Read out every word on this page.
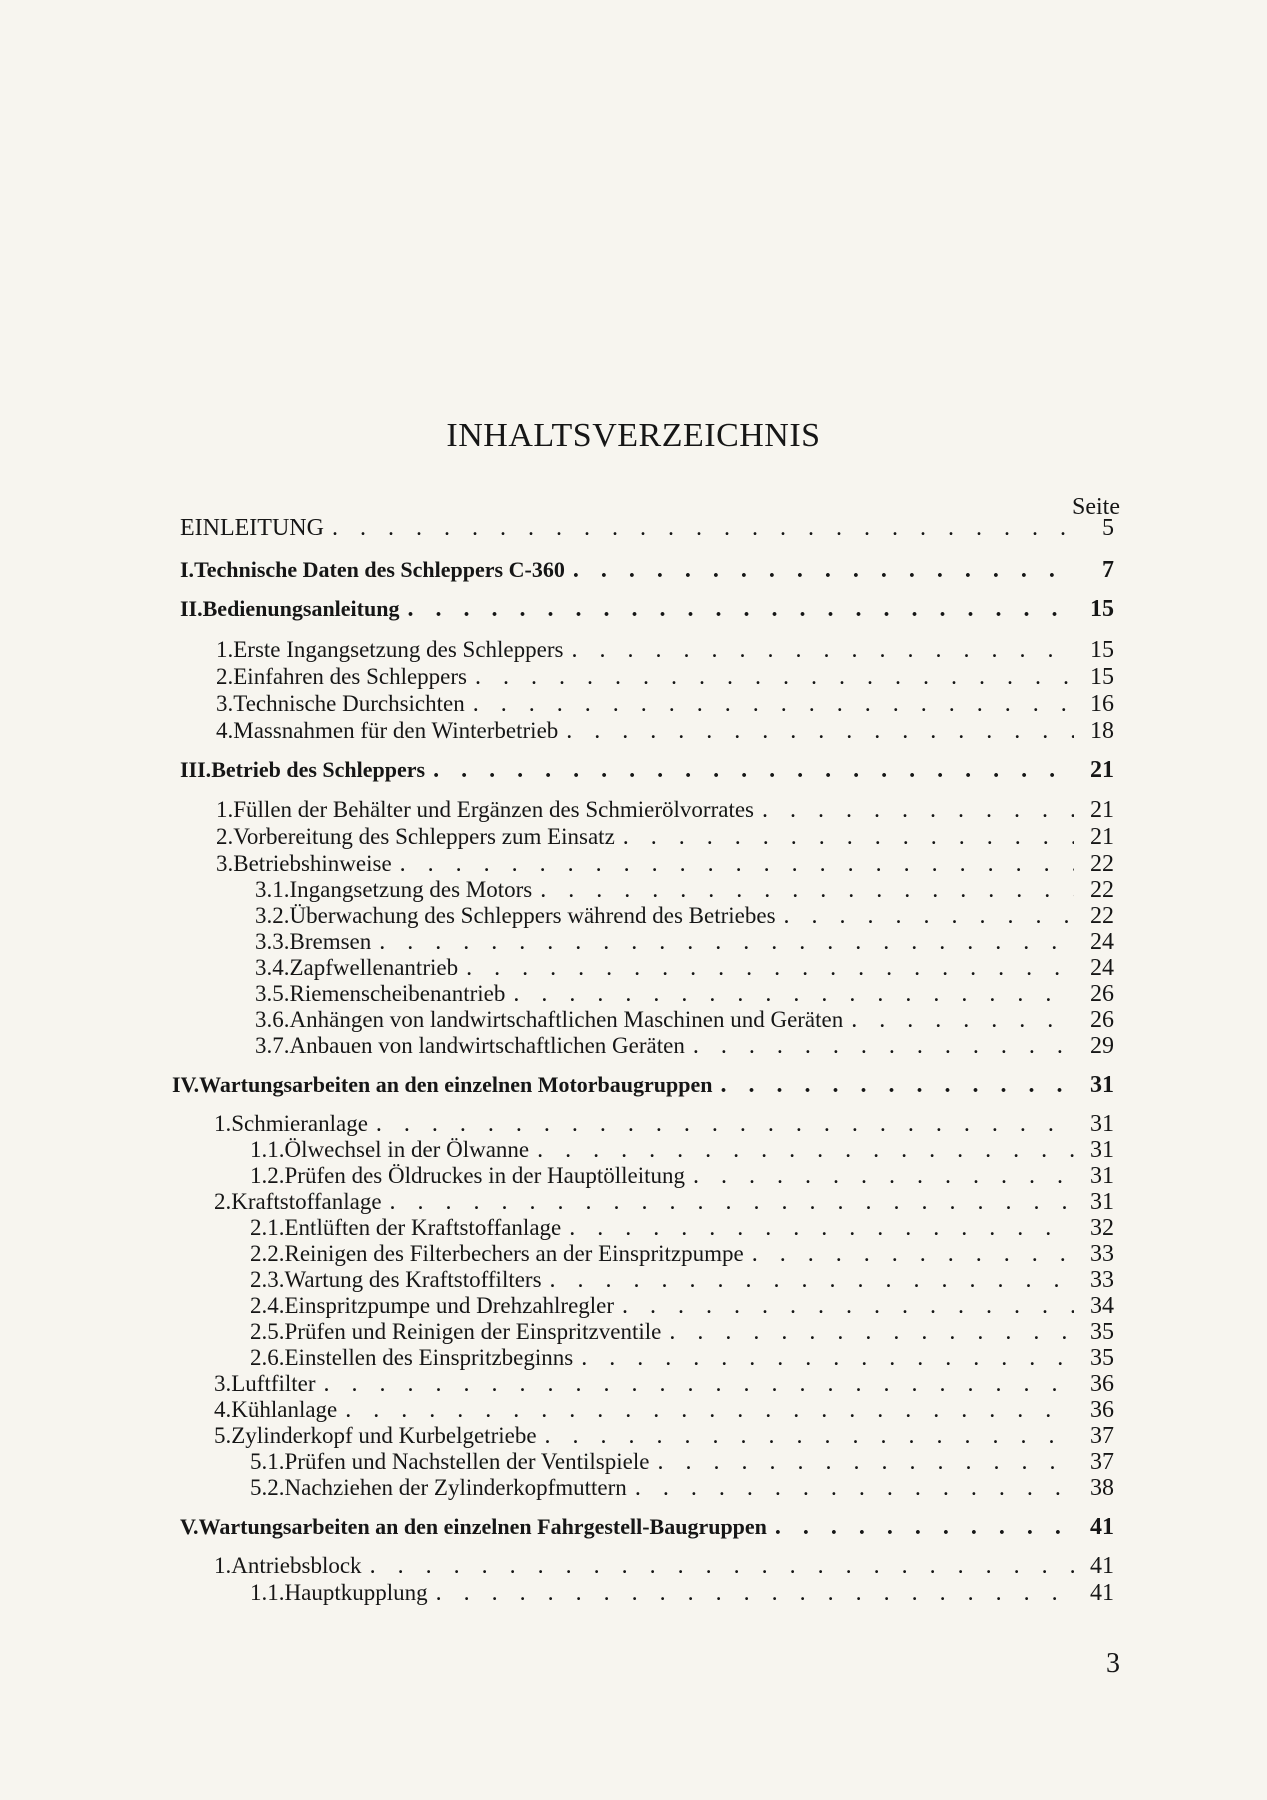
INHALTSVERZEICHNIS
Seite
EINLEITUNG . . .	5
I. Technische Daten des Schleppers C-360 . . .	7
II. Bedienungsanleitung . . .	15
1. Erste Ingangsetzung des Schleppers . . .	15
2. Einfahren des Schleppers . . .	15
3. Technische Durchsichten . . .	16
4. Massnahmen für den Winterbetrieb . . .	18
III. Betrieb des Schleppers . . .	21
1. Füllen der Behälter und Ergänzen des Schmierölvorrates . . .	21
2. Vorbereitung des Schleppers zum Einsatz . . .	21
3. Betriebshinweise . . .	22
3.1. Ingangsetzung des Motors . . .	22
3.2. Überwachung des Schleppers während des Betriebes . . .	22
3.3. Bremsen . . .	24
3.4. Zapfwellenantrieb . . .	24
3.5. Riemenscheibenantrieb . . .	26
3.6. Anhängen von landwirtschaftlichen Maschinen und Geräten . . .	26
3.7. Anbauen von landwirtschaftlichen Geräten . . .	29
IV. Wartungsarbeiten an den einzelnen Motorbaugruppen . . .	31
1. Schmieranlage . . .	31
1.1. Ölwechsel in der Ölwanne . . .	31
1.2. Prüfen des Öldruckes in der Hauptölleitung . . .	31
2. Kraftstoffanlage . . .	31
2.1. Entlüften der Kraftstoffanlage . . .	32
2.2. Reinigen des Filterbechers an der Einspritzpumpe . . .	33
2.3. Wartung des Kraftstoffilters . . .	33
2.4. Einspritzpumpe und Drehzahlregler . . .	34
2.5. Prüfen und Reinigen der Einspritzventile . . .	35
2.6. Einstellen des Einspritzbeginns . . .	35
3. Luftfilter . . .	36
4. Kühlanlage . . .	36
5. Zylinderkopf und Kurbelgetriebe . . .	37
5.1. Prüfen und Nachstellen der Ventilspiele . . .	37
5.2. Nachziehen der Zylinderkopfmuttern . . .	38
V. Wartungsarbeiten an den einzelnen Fahrgestell-Baugruppen . . .	41
1. Antriebsblock . . .	41
1.1. Hauptkupplung . . .	41
3
